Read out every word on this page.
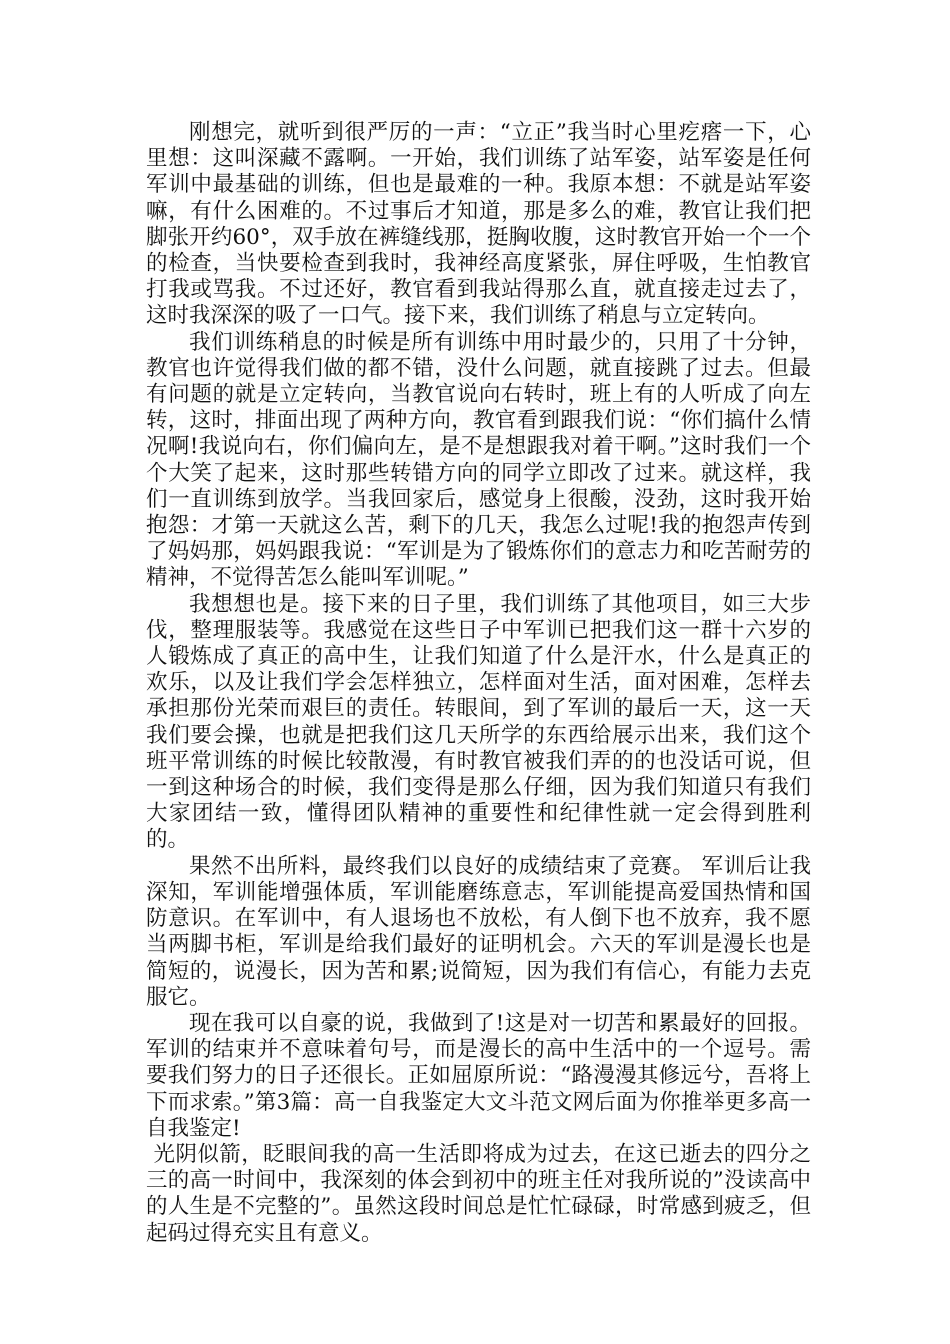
刚想完，就听到很严厉的一声：“立正”我当时心里疙瘩一下，心里想：这叫深藏不露啊。一开始，我们训练了站军姿，站军姿是任何军训中最基础的训练，但也是最难的一种。我原本想：不就是站军姿嘛，有什么困难的。不过事后才知道，那是多么的难，教官让我们把脚张开约60°，双手放在裤缝线那，挺胸收腹，这时教官开始一个一个的检查，当快要检查到我时，我神经高度紧张，屏住呼吸，生怕教官打我或骂我。不过还好，教官看到我站得那么直，就直接走过去了，这时我深深的吸了一口气。接下来，我们训练了稍息与立定转向。

我们训练稍息的时候是所有训练中用时最少的，只用了十分钟，教官也许觉得我们做的都不错，没什么问题，就直接跳了过去。但最有问题的就是立定转向，当教官说向右转时，班上有的人听成了向左转，这时，排面出现了两种方向，教官看到跟我们说：“你们搞什么情况啊!我说向右，你们偏向左，是不是想跟我对着干啊。”这时我们一个个大笑了起来，这时那些转错方向的同学立即改了过来。就这样，我们一直训练到放学。当我回家后，感觉身上很酸，没劲，这时我开始抱怨：才第一天就这么苦，剩下的几天，我怎么过呢!我的抱怨声传到了妈妈那，妈妈跟我说：“军训是为了锻炼你们的意志力和吃苦耐劳的精神，不觉得苦怎么能叫军训呢。”

我想想也是。接下来的日子里，我们训练了其他项目，如三大步伐，整理服装等。我感觉在这些日子中军训已把我们这一群十六岁的人锻炼成了真正的高中生，让我们知道了什么是汗水，什么是真正的欢乐，以及让我们学会怎样独立，怎样面对生活，面对困难，怎样去承担那份光荣而艰巨的责任。转眼间，到了军训的最后一天，这一天我们要会操，也就是把我们这几天所学的东西给展示出来，我们这个班平常训练的时候比较散漫，有时教官被我们弄的的也没话可说，但一到这种场合的时候，我们变得是那么仔细，因为我们知道只有我们大家团结一致，懂得团队精神的重要性和纪律性就一定会得到胜利的。

果然不出所料，最终我们以良好的成绩结束了竞赛。 军训后让我深知，军训能增强体质，军训能磨练意志，军训能提高爱国热情和国防意识。在军训中，有人退场也不放松，有人倒下也不放弃，我不愿当两脚书柜，军训是给我们最好的证明机会。六天的军训是漫长也是简短的，说漫长，因为苦和累;说简短，因为我们有信心，有能力去克服它。

现在我可以自豪的说，我做到了!这是对一切苦和累最好的回报。军训的结束并不意味着句号，而是漫长的高中生活中的一个逗号。需要我们努力的日子还很长。正如屈原所说：“路漫漫其修远兮，吾将上下而求索。”第3篇：高一自我鉴定大文斗范文网后面为你推举更多高一自我鉴定!

光阴似箭，眨眼间我的高一生活即将成为过去，在这已逝去的四分之三的高一时间中，我深刻的体会到初中的班主任对我所说的”没读高中的人生是不完整的”。虽然这段时间总是忙忙碌碌，时常感到疲乏，但起码过得充实且有意义。
